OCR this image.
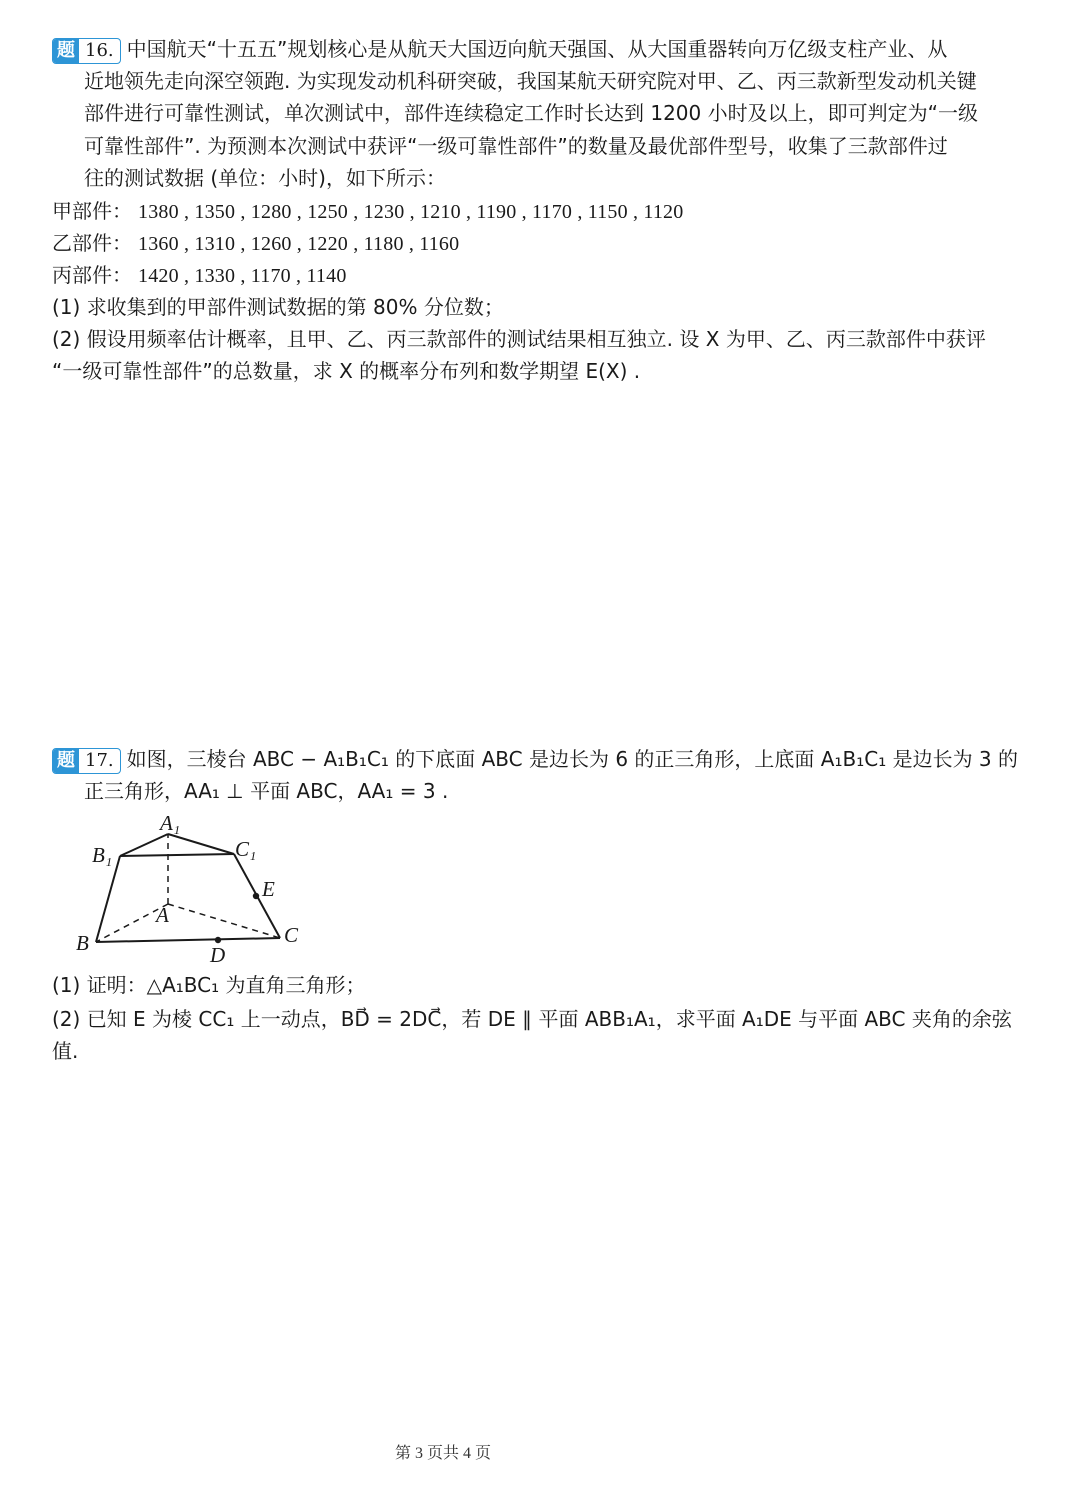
题 16. 中国航天“十五五”规划核心是从航天大国迈向航天强国、从大国重器转向万亿级支柱产业、从
近地领先走向深空领跑. 为实现发动机科研突破，我国某航天研究院对甲、乙、丙三款新型发动机关键
部件进行可靠性测试，单次测试中，部件连续稳定工作时长达到 1200 小时及以上，即可判定为“一级
可靠性部件”. 为预测本次测试中获评“一级可靠性部件”的数量及最优部件型号，收集了三款部件过
往的测试数据 (单位：小时)，如下所示：
甲部件： 1380 , 1350 , 1280 , 1250 , 1230 , 1210 , 1190 , 1170 , 1150 , 1120
乙部件： 1360 , 1310 , 1260 , 1220 , 1180 , 1160
丙部件： 1420 , 1330 , 1170 , 1140
(1) 求收集到的甲部件测试数据的第 80% 分位数；
(2) 假设用频率估计概率，且甲、乙、丙三款部件的测试结果相互独立. 设 X 为甲、乙、丙三款部件中获评
“一级可靠性部件”的总数量，求 X 的概率分布列和数学期望 E(X) .
题 17. 如图，三棱台 ABC − A₁B₁C₁ 的下底面 ABC 是边长为 6 的正三角形，上底面 A₁B₁C₁ 是边长为 3 的
正三角形，AA₁ ⊥ 平面 ABC，AA₁ = 3 .
(1) 证明：△A₁BC₁ 为直角三角形；
(2) 已知 E 为棱 CC₁ 上一动点，BD⃗ = 2DC⃗，若 DE ∥ 平面 ABB₁A₁，求平面 A₁DE 与平面 ABC 夹角的余弦
值.
A₁
B₁	C₁
E
A
B	C
D
第 3 页共 4 页
